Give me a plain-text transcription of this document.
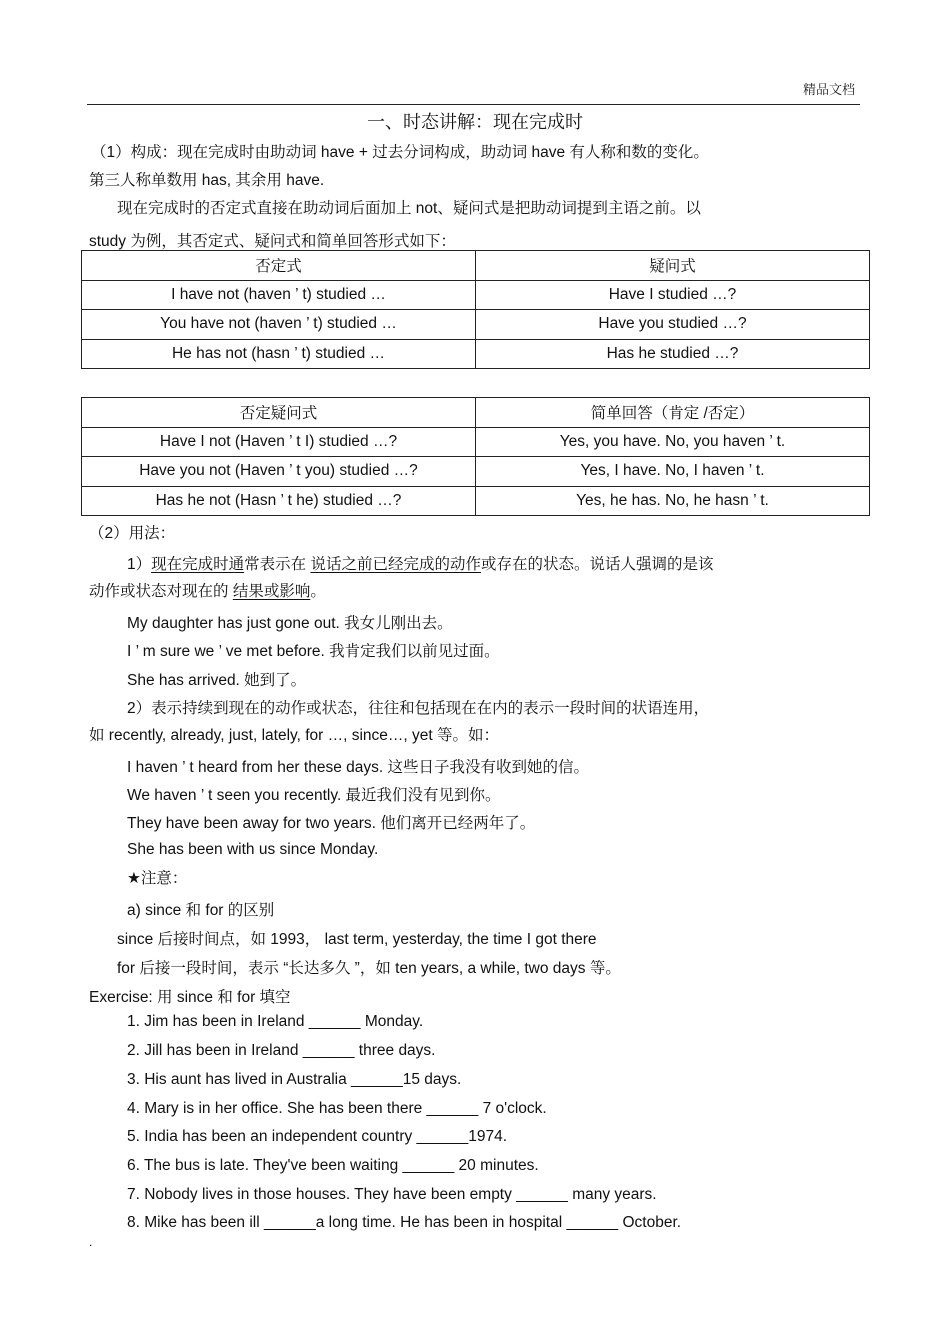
精品文档
一、时态讲解：现在完成时
（1）构成：现在完成时由助动词 have + 过去分词构成，助动词 have 有人称和数的变化。
第三人称单数用 has, 其余用 have.
现在完成时的否定式直接在助动词后面加上 not、疑问式是把助动词提到主语之前。以
study 为例，其否定式、疑问式和简单回答形式如下：
否定式	疑问式
I have not (haven ’ t) studied …	Have I studied …?
You have not (haven ’ t) studied …	Have you studied …?
He has not (hasn ’ t) studied …	Has he studied …?
否定疑问式	简单回答（肯定 /否定）
Have I not (Haven ’ t I) studied …?	Yes, you have. No, you haven ’ t.
Have you not (Haven ’ t you) studied …?	Yes, I have. No, I haven ’ t.
Has he not (Hasn ’ t he) studied …?	Yes, he has. No, he hasn ’ t.
（2）用法：
1）现在完成时通常表示在 说话之前已经完成的动作或存在的状态。说话人强调的是该
动作或状态对现在的 结果或影响。
My daughter has just gone out. 我女儿刚出去。
I ’ m sure we ’ ve met before. 我肯定我们以前见过面。
She has arrived. 她到了。
2）表示持续到现在的动作或状态，往往和包括现在在内的表示一段时间的状语连用，
如 recently, already, just, lately, for …, since…, yet 等。如：
I haven ’ t heard from her these days. 这些日子我没有收到她的信。
We haven ’ t seen you recently. 最近我们没有见到你。
They have been away for two years. 他们离开已经两年了。
She has been with us since Monday.
★注意：
a) since 和 for 的区别
since 后接时间点，如 1993， last term, yesterday, the time I got there
for 后接一段时间，表示 “长达多久 ”，如 ten years, a while, two days 等。
Exercise: 用 since 和 for 填空
1. Jim has been in Ireland ______ Monday.
2. Jill has been in Ireland ______ three days.
3. His aunt has lived in Australia ______15 days.
4. Mary is in her office. She has been there ______ 7 o'clock.
5. India has been an independent country ______1974.
6. The bus is late. They've been waiting ______ 20 minutes.
7. Nobody lives in those houses. They have been empty ______ many years.
8. Mike has been ill ______a long time. He has been in hospital ______ October.
.
